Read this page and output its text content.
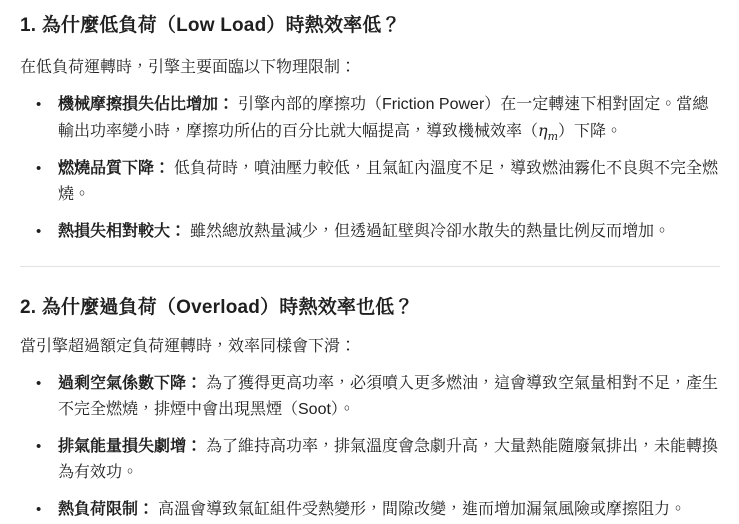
1. 為什麼低負荷（Low Load）時熱效率低？

在低負荷運轉時，引擎主要面臨以下物理限制：

• 機械摩擦損失佔比增加： 引擎內部的摩擦功（Friction Power）在一定轉速下相對固定。當總輸出功率變小時，摩擦功所佔的百分比就大幅提高，導致機械效率$(\eta_m)$下降。
• 燃燒品質下降： 低負荷時，噴油壓力較低，且氣缸內溫度不足，導致燃油霧化不良與不完全燃燒。
• 熱損失相對較大： 雖然總放熱量減少，但透過缸壁與冷卻水散失的熱量比例反而增加。
2. 為什麼過負荷（Overload）時熱效率也低？

當引擎超過額定負荷運轉時，效率同樣會下滑：

• 過剩空氣係數下降： 為了獲得更高功率，必須噴入更多燃油，這會導致空氣量相對不足，產生不完全燃燒，排煙中會出現黑煙（Soot）。
• 排氣能量損失劇增： 為了維持高功率，排氣溫度會急劇升高，大量熱能隨廢氣排出，未能轉換為有效功。
• 熱負荷限制： 高溫會導致氣缸組件受熱變形，間隙改變，進而增加漏氣風險或摩擦阻力。
